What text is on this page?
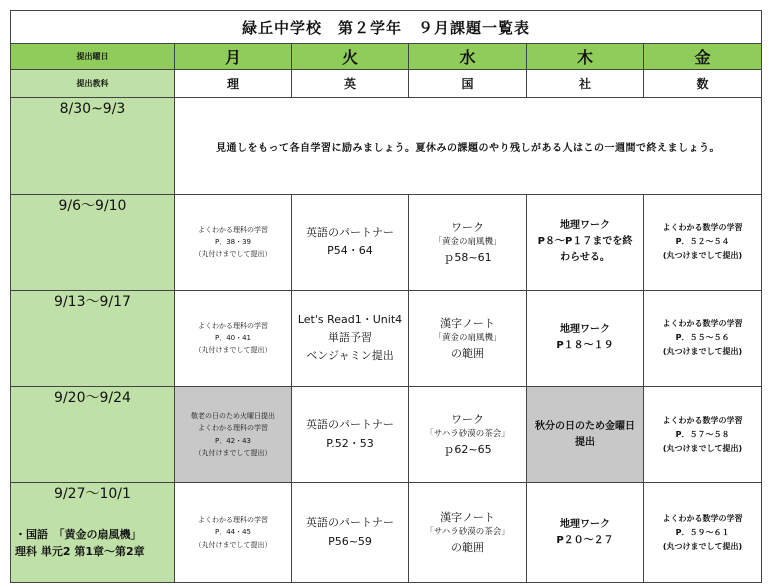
緑丘中学校　第２学年　９月課題一覧表					
提出曜日	月	火	水	木	金
提出教科	理	英	国	社	数
8/30~9/3	見通しをもって各自学習に励みましょう。夏休みの課題のやり残しがある人はこの一週間で終えましょう。				

9/6～9/10	よくわかる理科の学習
P．38・39
（丸付けまでして提出）	英語のパートナー
P54・64	ワーク
「黄金の扇風機」
ｐ58~61	地理ワーク
P８～P１７までを終
わらせる。	よくわかる数学の学習
P．５２～５４
(丸つけまでして提出)

9/13～9/17	よくわかる理科の学習
P．40・41
（丸付けまでして提出）	Let's Read1・Unit4
単語予習
ベンジャミン提出	漢字ノート
「黄金の扇風機」
の範囲	地理ワーク
P１８～１９	よくわかる数学の学習
P．５５～５６
(丸つけまでして提出)

9/20～9/24	敬老の日のため火曜日提出
よくわかる理科の学習
P．42・43
（丸付けまでして提出）	英語のパートナー
P.52・53	ワーク
「サハラ砂漠の茶会」
ｐ62~65	秋分の日のため金曜日
提出	よくわかる数学の学習
P．５７～５８
(丸つけまでして提出)

9/27～10/1	よくわかる理科の学習
P．44・45
（丸付けまでして提出）	英語のパートナー
P56~59	漢字ノート
「サハラ砂漠の茶会」
の範囲	地理ワーク
P２０～２７	よくわかる数学の学習
P．５９～６１
(丸つけまでして提出)

・国語　「黄金の扇風機」
理科 単元2 第1章～第2章					
